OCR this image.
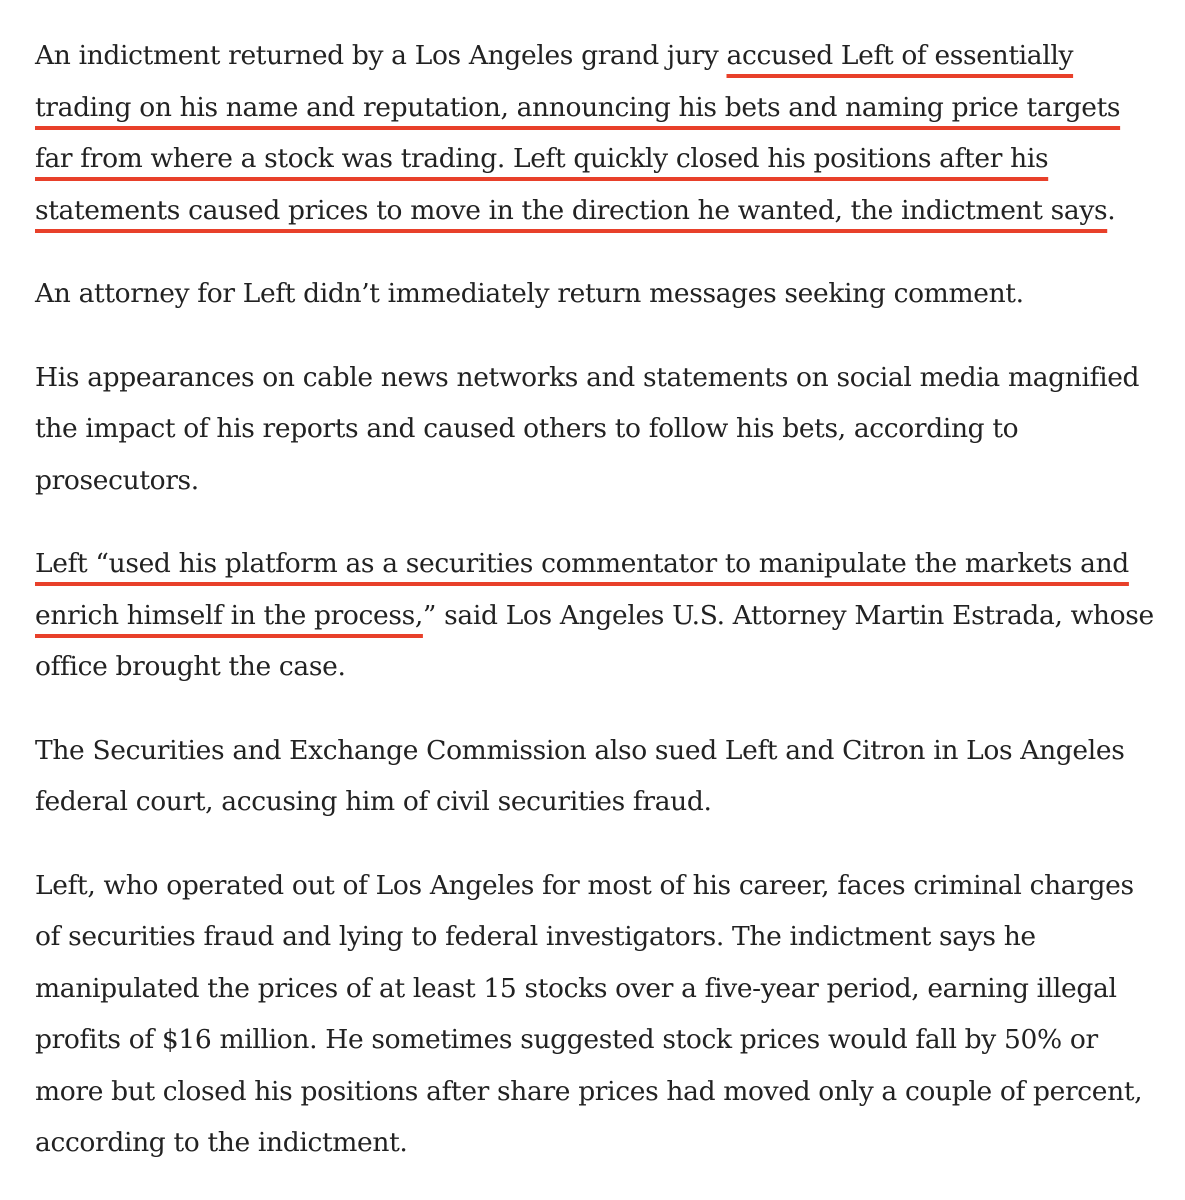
An indictment returned by a Los Angeles grand jury accused Left of essentially trading on his name and reputation, announcing his bets and naming price targets far from where a stock was trading. Left quickly closed his positions after his statements caused prices to move in the direction he wanted, the indictment says.

An attorney for Left didn’t immediately return messages seeking comment.

His appearances on cable news networks and statements on social media magnified the impact of his reports and caused others to follow his bets, according to prosecutors.

Left “used his platform as a securities commentator to manipulate the markets and enrich himself in the process,” said Los Angeles U.S. Attorney Martin Estrada, whose office brought the case.

The Securities and Exchange Commission also sued Left and Citron in Los Angeles federal court, accusing him of civil securities fraud.

Left, who operated out of Los Angeles for most of his career, faces criminal charges of securities fraud and lying to federal investigators. The indictment says he manipulated the prices of at least 15 stocks over a five-year period, earning illegal profits of $16 million. He sometimes suggested stock prices would fall by 50% or more but closed his positions after share prices had moved only a couple of percent, according to the indictment.
